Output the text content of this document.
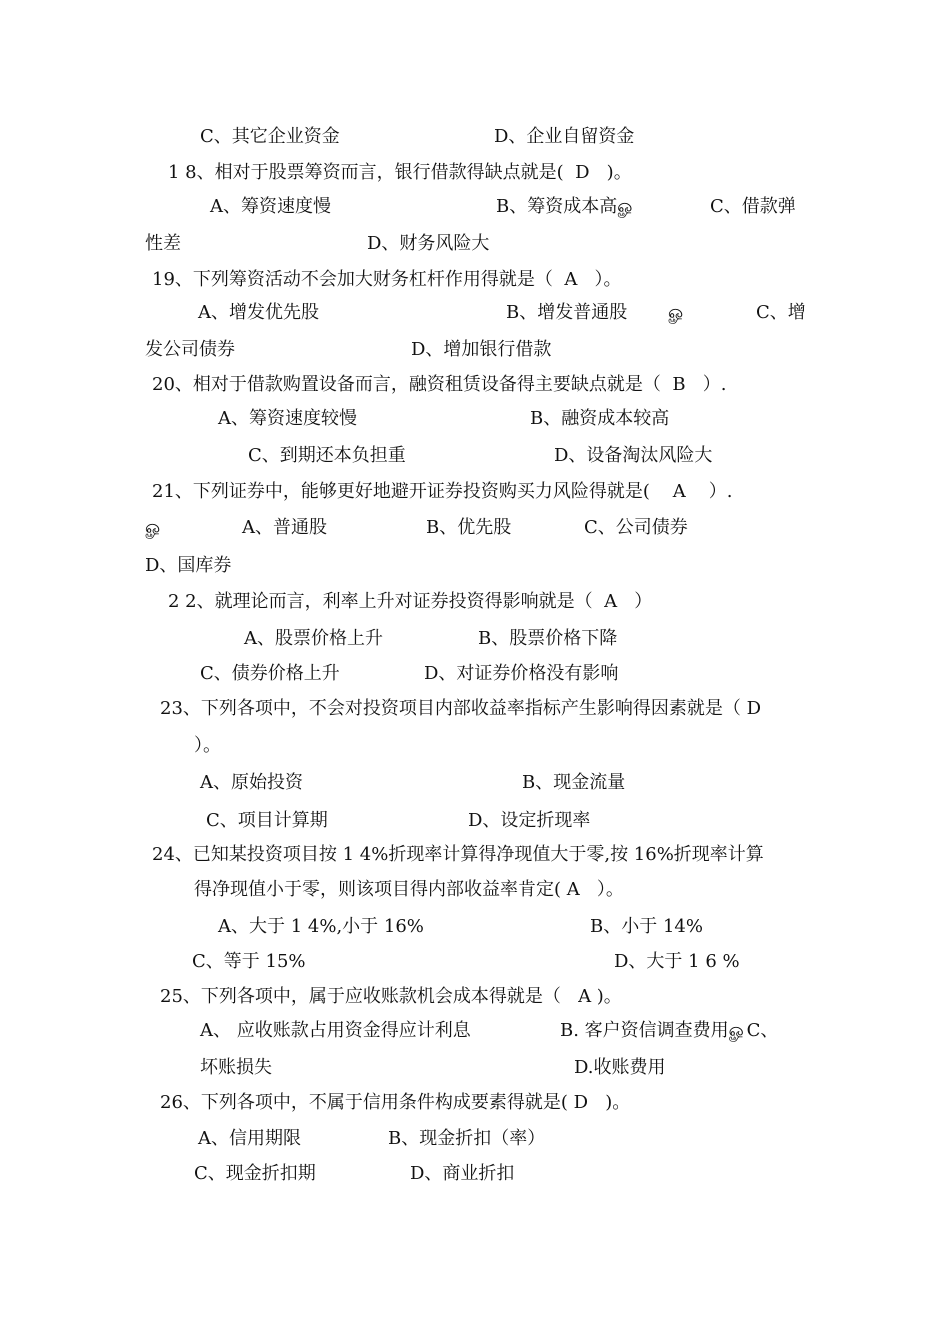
C、其它企业资金	D、企业自留资金

1 8、相对于股票筹资而言，银行借款得缺点就是(  D   )。

A、筹资速度慢	B、筹资成本高ௐ	C、借款弹

性差	D、财务风险大

19、下列筹资活动不会加大财务杠杆作用得就是（  A   ）。

A、增发优先股	B、增发普通股 ௐ	C、增

发公司债券	D、增加银行借款

20、相对于借款购置设备而言，融资租赁设备得主要缺点就是（  B   ）.

A、筹资速度较慢	B、融资成本较高

C、到期还本负担重	D、设备淘汰风险大

21、下列证券中，能够更好地避开证券投资购买力风险得就是(    A    ）.

ௐ	A、普通股	B、优先股	C、公司债券

D、国库券

2 2、就理论而言，利率上升对证券投资得影响就是（  A   ）

A、股票价格上升	B、股票价格下降

C、债券价格上升	D、对证券价格没有影响

23、下列各项中，不会对投资项目内部收益率指标产生影响得因素就是（ D

）。

A、原始投资	B、现金流量

C、项目计算期	D、设定折现率

24、已知某投资项目按 1 4%折现率计算得净现值大于零,按 16%折现率计算

得净现值小于零，则该项目得内部收益率肯定( A   ）。

A、大于 1 4%,小于 16%	B、小于 14%

C、等于 15%	D、大于 1 6 %

25、下列各项中，属于应收账款机会成本得就是（   A )。

A、 应收账款占用资金得应计利息	B. 客户资信调查费用ௐC、

坏账损失	D.收账费用

26、下列各项中，不属于信用条件构成要素得就是( D   )。

A、信用期限	B、现金折扣（率）

C、现金折扣期	D、商业折扣
